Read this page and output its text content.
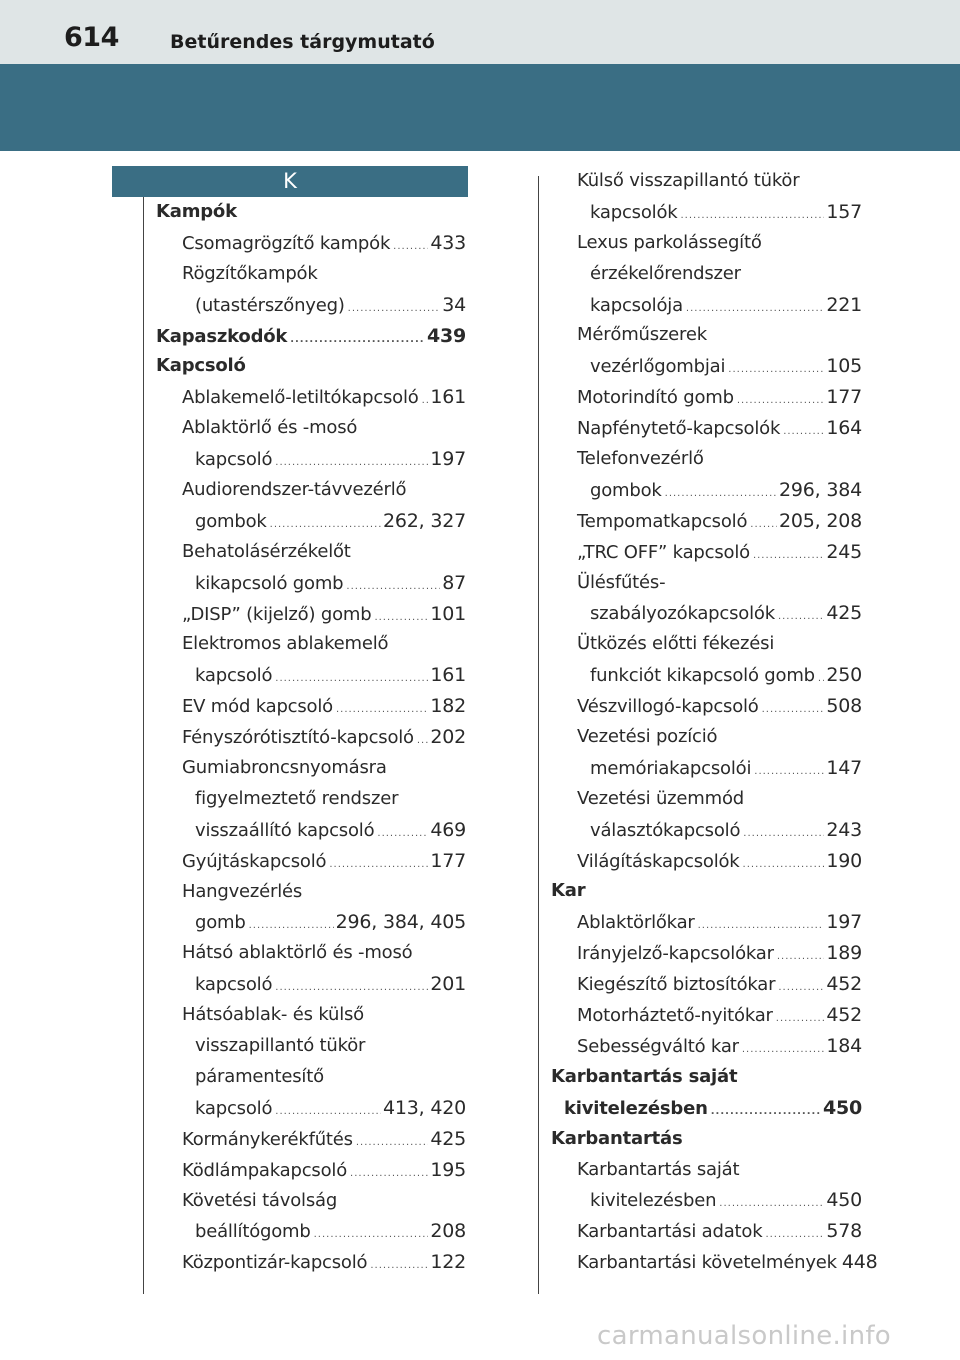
614	Betűrendes tárgymutató
K
Kampók
Csomagrögzítő kampók ..... 433
Rögzítőkampók
(utastérszőnyeg) .....	34
Kapaszkodók .....	439
Kapcsoló
Ablakemelő-letiltókapcsoló ..... 161
Ablaktörlő és -mosó
kapcsoló .....	197
Audiorendszer-távvezérlő
gombok .....	262, 327
Behatolásérzékelőt
kikapcsoló gomb .....	87
„DISP” (kijelző) gomb .....	101
Elektromos ablakemelő
kapcsoló .....	161
EV mód kapcsoló .....	182
Fényszórótisztító-kapcsoló ..... 202
Gumiabroncsnyomásra
figyelmeztető rendszer
visszaállító kapcsoló .....	469
Gyújtáskapcsoló .....	177
Hangvezérlés
gomb .....	296, 384, 405
Hátsó ablaktörlő és -mosó
kapcsoló .....	201
Hátsóablak- és külső
visszapillantó tükör
páramentesítő
kapcsoló .....	413, 420
Kormánykerékfűtés .....	425
Ködlámpakapcsoló .....	195
Követési távolság
beállítógomb .....	208
Központizár-kapcsoló .....	122
Külső visszapillantó tükör
kapcsolók .....	157
Lexus parkolássegítő
érzékelőrendszer
kapcsolója .....	221
Mérőműszerek
vezérlőgombjai .....	105
Motorindító gomb .....	177
Napfénytető-kapcsolók ..... 164
Telefonvezérlő
gombok .....	296, 384
Tempomatkapcsoló ..... 205, 208
„TRC OFF” kapcsoló .....	245
Ülésfűtés-
szabályozókapcsolók .....	425
Ütközés előtti fékezési
funkciót kikapcsoló gomb ..... 250
Vészvillogó-kapcsoló .....	508
Vezetési pozíció
memóriakapcsolói .....	147
Vezetési üzemmód
választókapcsoló .....	243
Világításkapcsolók .....	190
Kar
Ablaktörlőkar .....	197
Irányjelző-kapcsolókar .....	189
Kiegészítő biztosítókar .....	452
Motorháztető-nyitókar .....	452
Sebességváltó kar .....	184
Karbantartás saját
kivitelezésben .....	450
Karbantartás
Karbantartás saját
kivitelezésben .....	450
Karbantartási adatok .....	578
Karbantartási követelmények 448
carmanualsonline.info
